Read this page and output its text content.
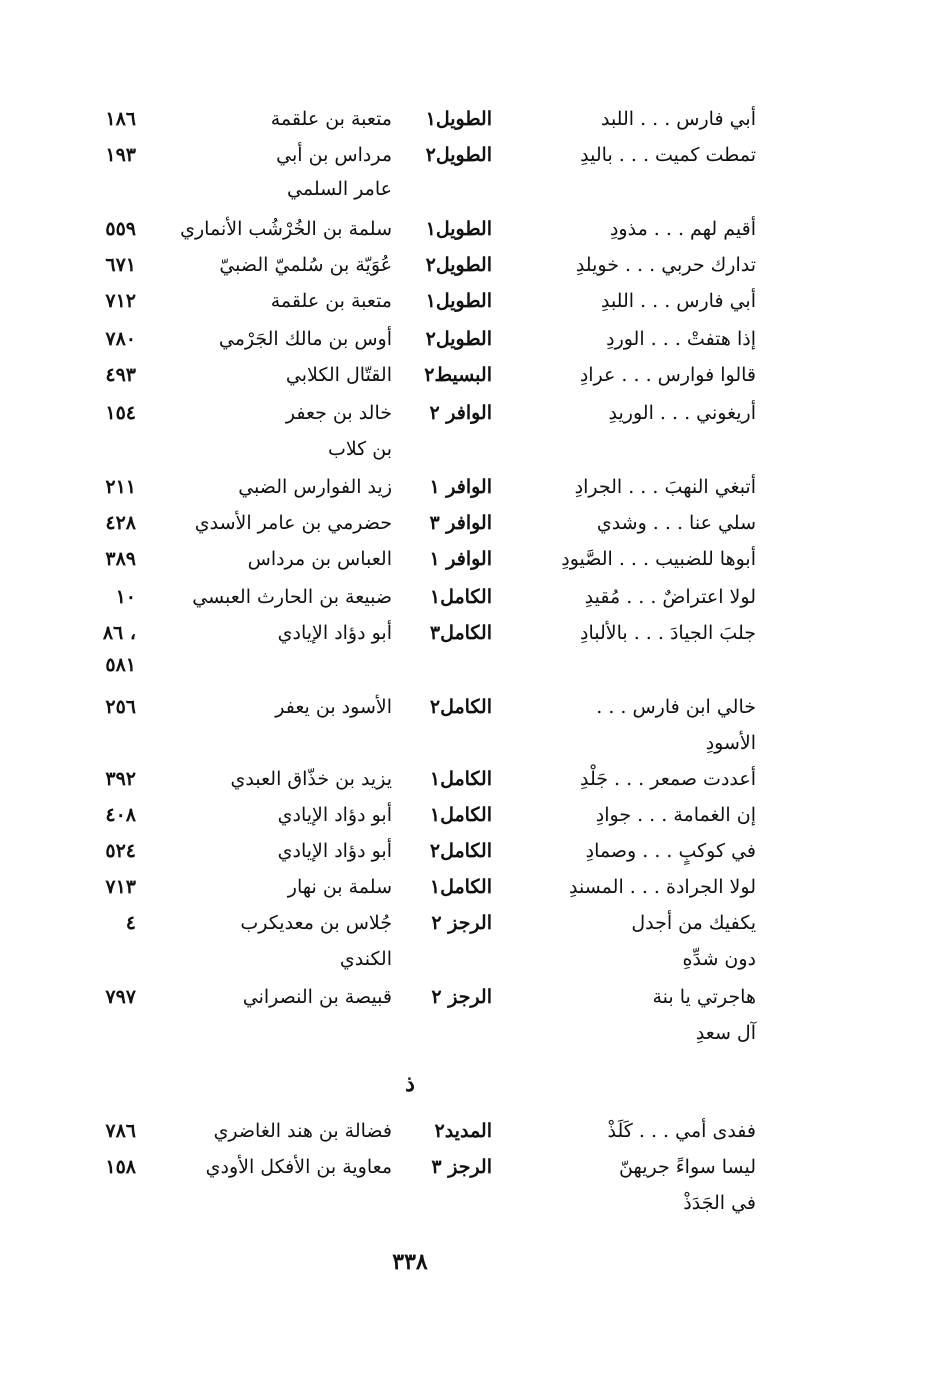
أبي فارس . . . اللبد
الطويل١
متعبة بن علقمة
١٨٦
تمطت كميت . . . باليدِ
الطويل٢
مرداس بن أبي
١٩٣
عامر السلمي
أقيم لهم . . . مذودِ
الطويل١
سلمة بن الخُرْشُب الأنماري
٥٥٩
تدارك حربي . . . خويلدِ
الطويل٢
عُوَيّة بن سُلميّ الضبيّ
٦٧١
أبي فارس . . . اللبدِ
الطويل١
متعبة بن علقمة
٧١٢
إذا هتفتْ . . . الوردِ
الطويل٢
أوس بن مالك الجَرْمي
٧٨٠
قالوا فوارس . . . عرادِ
البسيط٢
القتّال الكلابي
٤٩٣
أريغوني . . . الوريدِ
الوافر ٢
خالد بن جعفر
١٥٤
بن كلاب
أتبغي النهبَ . . . الجرادِ
الوافر ١
زيد الفوارس الضبي
٢١١
سلي عنا . . . وشدي
الوافر ٣
حضرمي بن عامر الأسدي
٤٢٨
أبوها للضبيب . . . الصَّيودِ
الوافر ١
العباس بن مرداس
٣٨٩
لولا اعتراضٌ . . . مُقيدِ
الكامل١
ضبيعة بن الحارث العبسي
١٠
جلبَ الجيادَ . . . بالألبادِ
الكامل٣
أبو دؤاد الإيادي
٨٦ ،
٥٨١
خالي ابن فارس . . .
الكامل٢
الأسود بن يعفر
٢٥٦
الأسودِ
أعددت صمعر . . . جَلْدِ
الكامل١
يزيد بن خذّاق العبدي
٣٩٢
إن الغمامة . . . جوادِ
الكامل١
أبو دؤاد الإيادي
٤٠٨
في كوكبٍ . . . وصمادِ
الكامل٢
أبو دؤاد الإيادي
٥٢٤
لولا الجرادة . . . المسندِ
الكامل١
سلمة بن نهار
٧١٣
يكفيك من أجدل
الرجز ٢
جُلاس بن معديكرب
٤
دون شدِّهِ
الكندي
هاجرتي يا بنة
الرجز ٢
قبيصة بن النصراني
٧٩٧
آل سعدِ
ذ
ففدى أمي . . . كَلَذْ
المديد٢
فضالة بن هند الغاضري
٧٨٦
ليسا سواءً جريهنّ
الرجز ٣
معاوية بن الأفكل الأودي
١٥٨
في الجَدَذْ
٣٣٨
